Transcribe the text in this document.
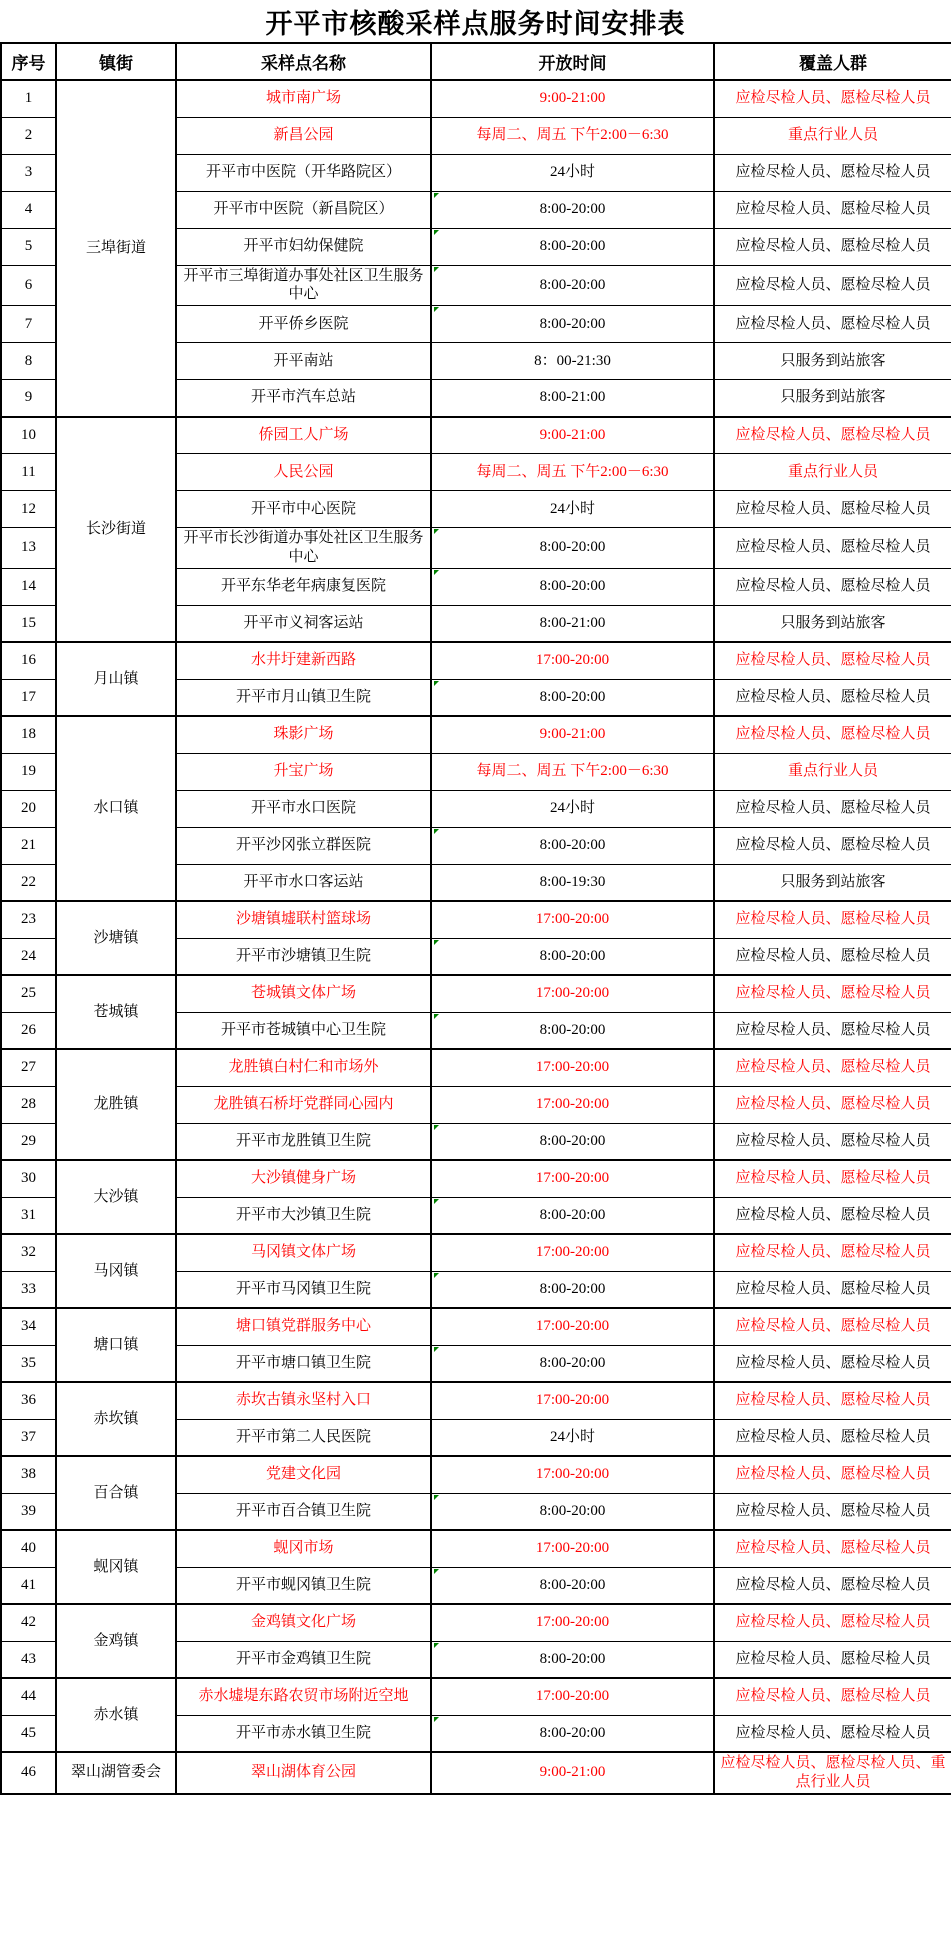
开平市核酸采样点服务时间安排表
序号	镇街	采样点名称	开放时间	覆盖人群
1	三埠街道	城市南广场	9:00-21:00	应检尽检人员、愿检尽检人员
2		新昌公园	每周二、周五 下午2:00－6:30	重点行业人员
3		开平市中医院（开华路院区）	24小时	应检尽检人员、愿检尽检人员
4		开平市中医院（新昌院区）	8:00-20:00	应检尽检人员、愿检尽检人员
5		开平市妇幼保健院	8:00-20:00	应检尽检人员、愿检尽检人员
6		开平市三埠街道办事处社区卫生服务中心	8:00-20:00	应检尽检人员、愿检尽检人员
7		开平侨乡医院	8:00-20:00	应检尽检人员、愿检尽检人员
8		开平南站	8：00-21:30	只服务到站旅客
9		开平市汽车总站	8:00-21:00	只服务到站旅客
10	长沙街道	侨园工人广场	9:00-21:00	应检尽检人员、愿检尽检人员
11		人民公园	每周二、周五 下午2:00－6:30	重点行业人员
12		开平市中心医院	24小时	应检尽检人员、愿检尽检人员
13		开平市长沙街道办事处社区卫生服务中心	8:00-20:00	应检尽检人员、愿检尽检人员
14		开平东华老年病康复医院	8:00-20:00	应检尽检人员、愿检尽检人员
15		开平市义祠客运站	8:00-21:00	只服务到站旅客
16	月山镇	水井圩建新西路	17:00-20:00	应检尽检人员、愿检尽检人员
17		开平市月山镇卫生院	8:00-20:00	应检尽检人员、愿检尽检人员
18	水口镇	珠影广场	9:00-21:00	应检尽检人员、愿检尽检人员
19		升宝广场	每周二、周五 下午2:00－6:30	重点行业人员
20		开平市水口医院	24小时	应检尽检人员、愿检尽检人员
21		开平沙冈张立群医院	8:00-20:00	应检尽检人员、愿检尽检人员
22		开平市水口客运站	8:00-19:30	只服务到站旅客
23	沙塘镇	沙塘镇墟联村篮球场	17:00-20:00	应检尽检人员、愿检尽检人员
24		开平市沙塘镇卫生院	8:00-20:00	应检尽检人员、愿检尽检人员
25	苍城镇	苍城镇文体广场	17:00-20:00	应检尽检人员、愿检尽检人员
26		开平市苍城镇中心卫生院	8:00-20:00	应检尽检人员、愿检尽检人员
27	龙胜镇	龙胜镇白村仁和市场外	17:00-20:00	应检尽检人员、愿检尽检人员
28		龙胜镇石桥圩党群同心园内	17:00-20:00	应检尽检人员、愿检尽检人员
29		开平市龙胜镇卫生院	8:00-20:00	应检尽检人员、愿检尽检人员
30	大沙镇	大沙镇健身广场	17:00-20:00	应检尽检人员、愿检尽检人员
31		开平市大沙镇卫生院	8:00-20:00	应检尽检人员、愿检尽检人员
32	马冈镇	马冈镇文体广场	17:00-20:00	应检尽检人员、愿检尽检人员
33		开平市马冈镇卫生院	8:00-20:00	应检尽检人员、愿检尽检人员
34	塘口镇	塘口镇党群服务中心	17:00-20:00	应检尽检人员、愿检尽检人员
35		开平市塘口镇卫生院	8:00-20:00	应检尽检人员、愿检尽检人员
36	赤坎镇	赤坎古镇永坚村入口	17:00-20:00	应检尽检人员、愿检尽检人员
37		开平市第二人民医院	24小时	应检尽检人员、愿检尽检人员
38	百合镇	党建文化园	17:00-20:00	应检尽检人员、愿检尽检人员
39		开平市百合镇卫生院	8:00-20:00	应检尽检人员、愿检尽检人员
40	蚬冈镇	蚬冈市场	17:00-20:00	应检尽检人员、愿检尽检人员
41		开平市蚬冈镇卫生院	8:00-20:00	应检尽检人员、愿检尽检人员
42	金鸡镇	金鸡镇文化广场	17:00-20:00	应检尽检人员、愿检尽检人员
43		开平市金鸡镇卫生院	8:00-20:00	应检尽检人员、愿检尽检人员
44	赤水镇	赤水墟堤东路农贸市场附近空地	17:00-20:00	应检尽检人员、愿检尽检人员
45		开平市赤水镇卫生院	8:00-20:00	应检尽检人员、愿检尽检人员
46	翠山湖管委会	翠山湖体育公园	9:00-21:00	应检尽检人员、愿检尽检人员、重点行业人员
